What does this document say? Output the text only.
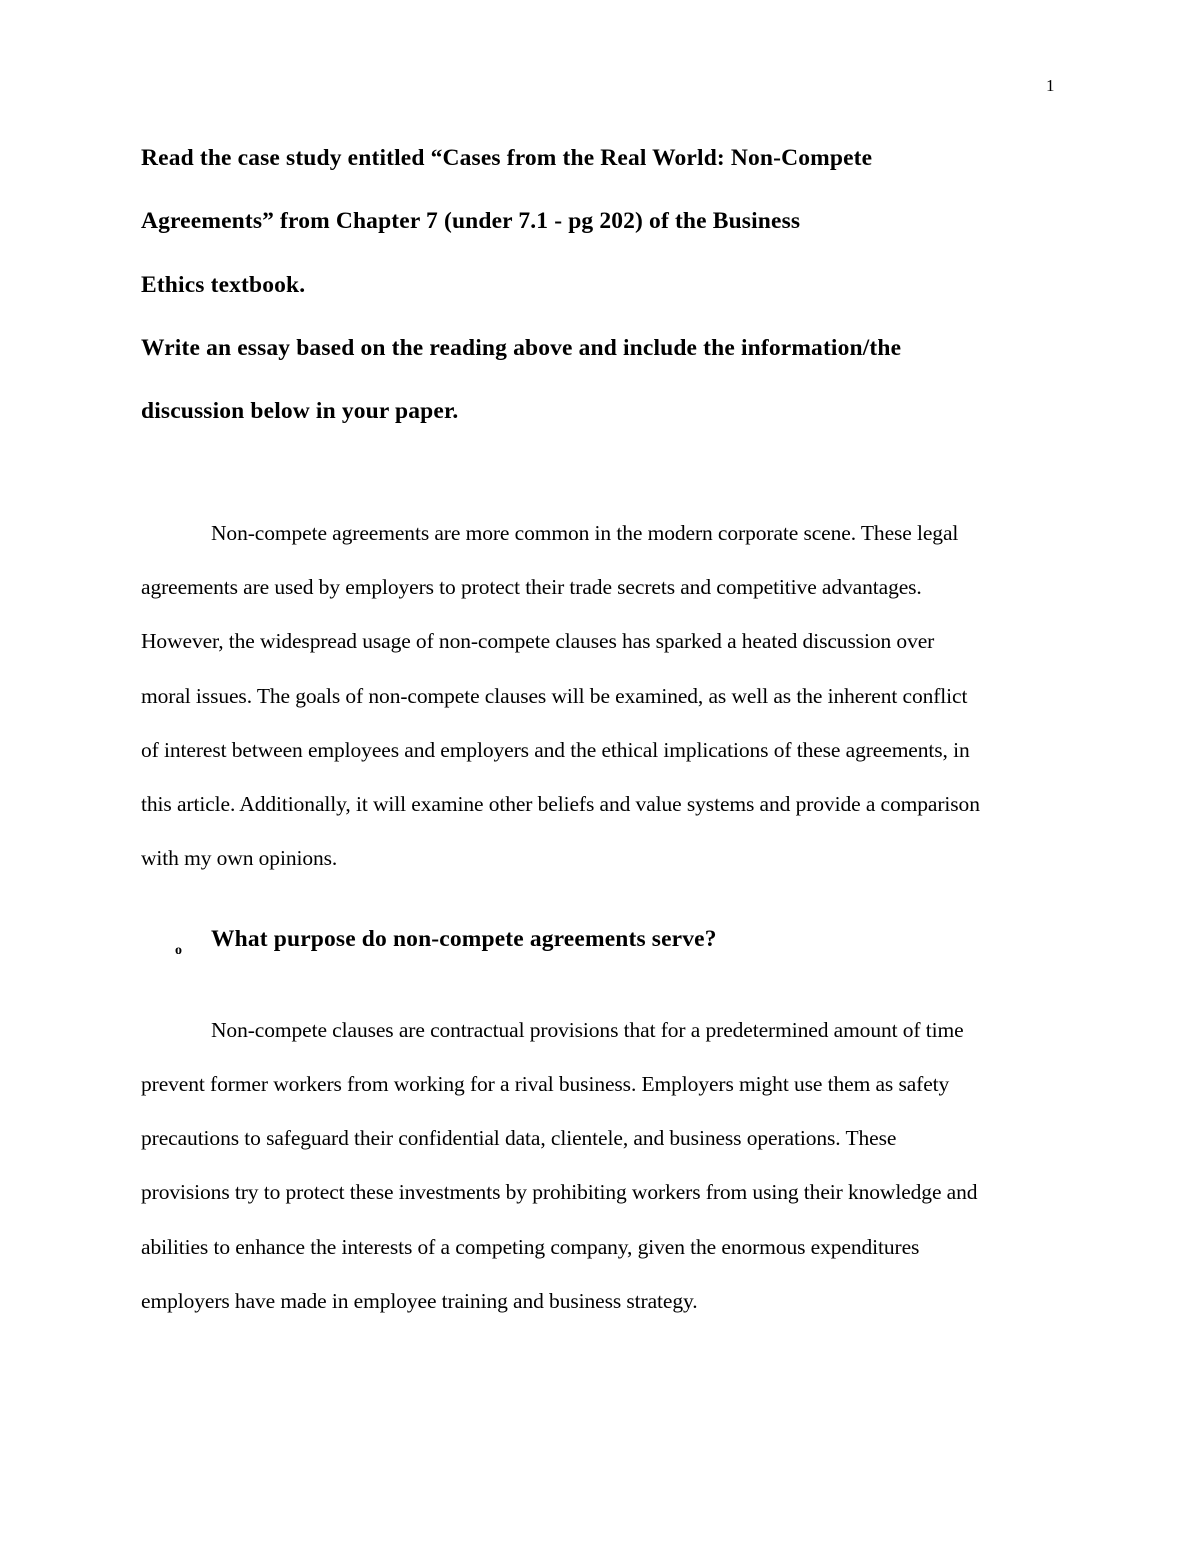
1
Read the case study entitled “Cases from the Real World: Non-Compete
Agreements” from Chapter 7 (under 7.1 - pg 202) of the Business
Ethics textbook.
Write an essay based on the reading above and include the information/the
discussion below in your paper.
Non-compete agreements are more common in the modern corporate scene. These legal
agreements are used by employers to protect their trade secrets and competitive advantages.
However, the widespread usage of non-compete clauses has sparked a heated discussion over
moral issues. The goals of non-compete clauses will be examined, as well as the inherent conflict
of interest between employees and employers and the ethical implications of these agreements, in
this article. Additionally, it will examine other beliefs and value systems and provide a comparison
with my own opinions.
o What purpose do non-compete agreements serve?
Non-compete clauses are contractual provisions that for a predetermined amount of time
prevent former workers from working for a rival business. Employers might use them as safety
precautions to safeguard their confidential data, clientele, and business operations. These
provisions try to protect these investments by prohibiting workers from using their knowledge and
abilities to enhance the interests of a competing company, given the enormous expenditures
employers have made in employee training and business strategy.
